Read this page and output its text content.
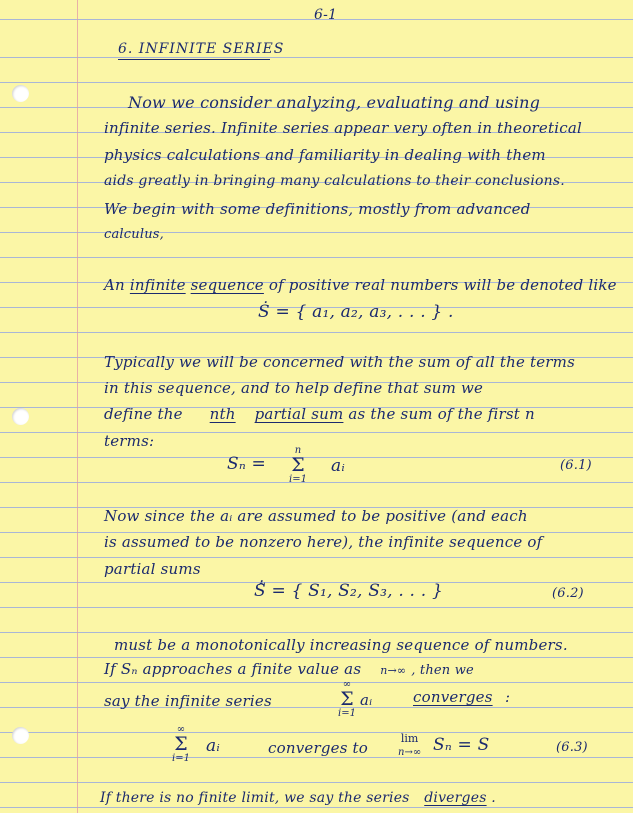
6-1
6. INFINITE SERIES
Now we consider analyzing, evaluating and using
infinite series. Infinite series appear very often in theoretical
physics calculations and familiarity in dealing with them
aids greatly in bringing many calculations to their conclusions.
We begin with some definitions, mostly from advanced
calculus,
An infinite sequence of positive real numbers will be denoted like
Ṡ = { a₁, a₂, a₃, . . . } .
Typically we will be concerned with the sum of all the terms
in this sequence, and to help define that sum we
define the nth partial sum as the sum of the first n
terms:
Sₙ =
n
Σ
i=1
aᵢ	(6.1)
Now since the aᵢ are assumed to be positive (and each
is assumed to be nonzero here), the infinite sequence of
partial sums
Ṡ̃ = { S₁, S₂, S₃, . . . }	(6.2)
must be a monotonically increasing sequence of numbers.
If Sₙ approaches a finite value as n→∞ , then we
say the infinite series
∞
Σ
i=1
aᵢ	converges :
∞
Σ
i=1
aᵢ	converges to
lim
n→∞ Sₙ = S	(6.3)
If there is no finite limit, we say the series diverges .
